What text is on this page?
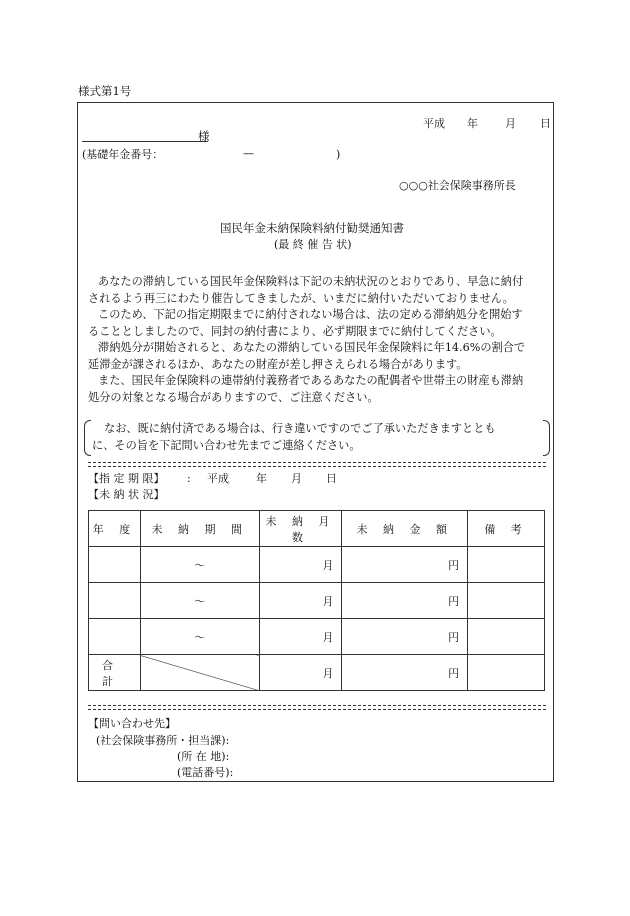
様式第1号
平成 年 月 日
様
(基礎年金番号：	—	)
○○○社会保険事務所長
国民年金未納保険料納付勧奨通知書
(最 終 催 告 状)
あなたの滞納している国民年金保険料は下記の未納状況のとおりであり、早急に納付
されるよう再三にわたり催告してきましたが、いまだに納付いただいておりません。
このため、下記の指定期限までに納付されない場合は、法の定める滞納処分を開始す
ることとしましたので、同封の納付書により、必ず期限までに納付してください。
滞納処分が開始されると、あなたの滞納している国民年金保険料に年14.6%の割合で
延滞金が課されるほか、あなたの財産が差し押さえられる場合があります。
また、国民年金保険料の連帯納付義務者であるあなたの配偶者や世帯主の財産も滞納
処分の対象となる場合がありますので、ご注意ください。
なお、既に納付済である場合は、行き違いですのでご了承いただきますととも
に、その旨を下記問い合わせ先までご連絡ください。
【指 定 期 限】 : 平成 年 月 日
【未 納 状 況】
年 度	未 納 期 間	未 納 月 数	未 納 金 額	備 考
	～	月	円	
	～	月	円	
	～	月	円	
合 計		月	円	
【問い合わせ先】
(社会保険事務所・担当課):
(所 在 地):
(電話番号):
